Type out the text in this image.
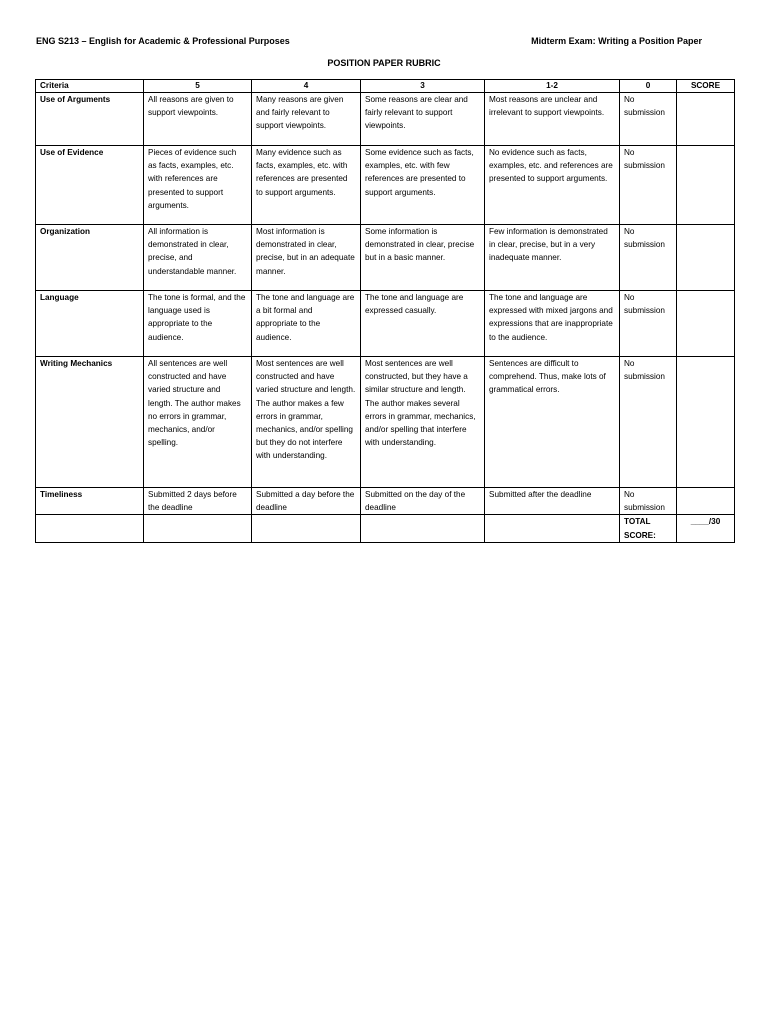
ENG S213 – English for Academic & Professional Purposes	Midterm Exam: Writing a Position Paper
POSITION PAPER RUBRIC
Criteria	5	4	3	1-2	0	SCORE
Use of Arguments	All reasons are given to support viewpoints.	Many reasons are given and fairly relevant to support viewpoints.	Some reasons are clear and fairly relevant to support viewpoints.	Most reasons are unclear and irrelevant to support viewpoints.	No submission	
Use of Evidence	Pieces of evidence such as facts, examples, etc. with references are presented to support arguments.	Many evidence such as facts, examples, etc. with references are presented to support arguments.	Some evidence such as facts, examples, etc. with few references are presented to support arguments.	No evidence such as facts, examples, etc. and references are presented to support arguments.	No submission	
Organization	All information is demonstrated in clear, precise, and understandable manner.	Most information is demonstrated in clear, precise, but in an adequate manner.	Some information is demonstrated in clear, precise but in a basic manner.	Few information is demonstrated in clear, precise, but in a very inadequate manner.	No submission	
Language	The tone is formal, and the language used is appropriate to the audience.	The tone and language are a bit formal and appropriate to the audience.	The tone and language are expressed casually.	The tone and language are expressed with mixed jargons and expressions that are inappropriate to the audience.	No submission	
Writing Mechanics	All sentences are well constructed and have varied structure and length. The author makes no errors in grammar, mechanics, and/or spelling.	Most sentences are well constructed and have varied structure and length. The author makes a few errors in grammar, mechanics, and/or spelling but they do not interfere with understanding.	Most sentences are well constructed, but they have a similar structure and length. The author makes several errors in grammar, mechanics, and/or spelling that interfere with understanding.	Sentences are difficult to comprehend. Thus, make lots of grammatical errors.	No submission	
Timeliness	Submitted 2 days before the deadline	Submitted a day before the deadline	Submitted on the day of the deadline	Submitted after the deadline	No submission	
					TOTAL SCORE:	____/30
